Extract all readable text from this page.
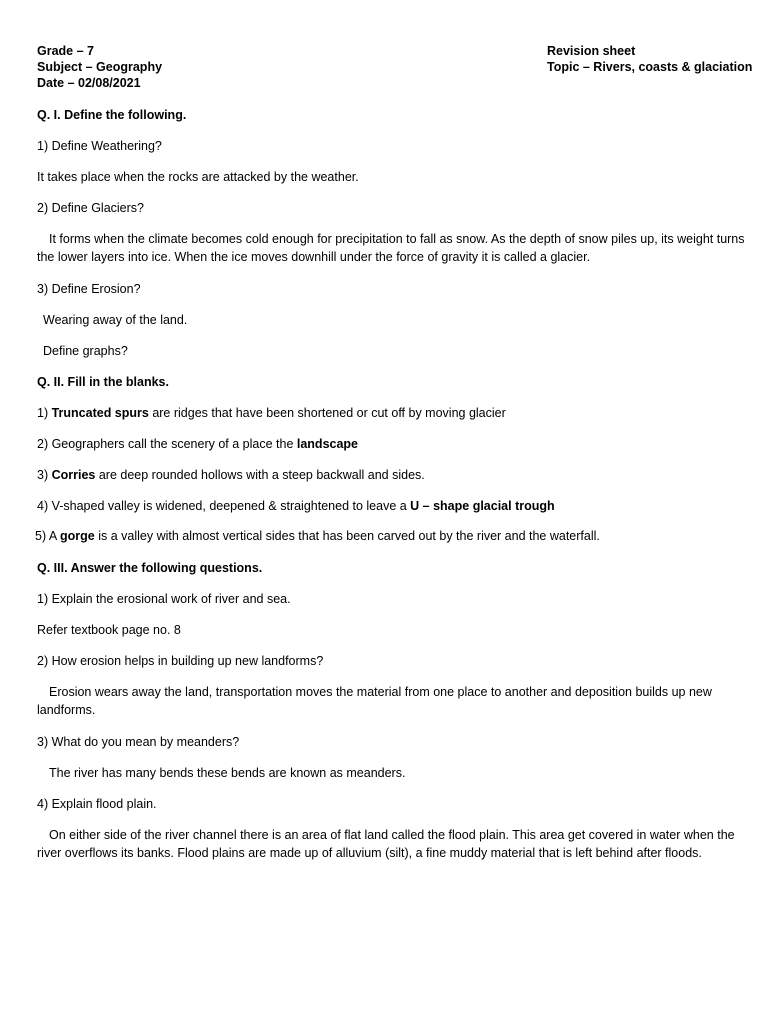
Grade – 7
Subject – Geography
Date – 02/08/2021
Revision sheet
Topic – Rivers, coasts & glaciation
Q. I. Define the following.
1) Define Weathering?
It takes place when the rocks are attacked by the weather.
2) Define Glaciers?
It forms when the climate becomes cold enough for precipitation to fall as snow. As the depth of snow piles up, its weight turns the lower layers into ice. When the ice moves downhill under the force of gravity it is called a glacier.
3) Define Erosion?
Wearing away of the land.
Define graphs?
Q. II. Fill in the blanks.
1) Truncated spurs are ridges that have been shortened or cut off by moving glacier
2) Geographers call the scenery of a place the landscape
3) Corries are deep rounded hollows with a steep backwall and sides.
4) V-shaped valley is widened, deepened & straightened to leave a U – shape glacial trough
5) A gorge is a valley with almost vertical sides that has been carved out by the river and the waterfall.
Q. III. Answer the following questions.
1) Explain the erosional work of river and sea.
Refer textbook page no. 8
2) How erosion helps in building up new landforms?
Erosion wears away the land, transportation moves the material from one place to another and deposition builds up new landforms.
3) What do you mean by meanders?
The river has many bends these bends are known as meanders.
4) Explain flood plain.
On either side of the river channel there is an area of flat land called the flood plain. This area get covered in water when the river overflows its banks. Flood plains are made up of alluvium (silt), a fine muddy material that is left behind after floods.
